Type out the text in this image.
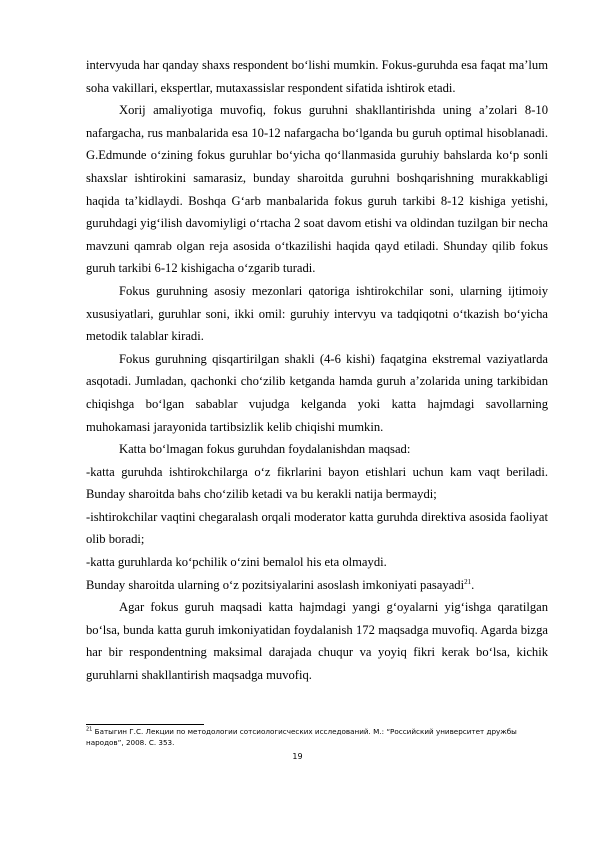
intervyuda har qanday shaxs respondent bo‘lishi mumkin. Fokus-guruhda esa faqat ma’lum soha vakillari, ekspertlar, mutaxassislar respondent sifatida ishtirok etadi.

Xorij amaliyotiga muvofiq, fokus guruhni shakllantirishda uning a’zolari 8-10 nafargacha, rus manbalarida esa 10-12 nafargacha bo‘lganda bu guruh optimal hisoblanadi. G.Edmunde o‘zining fokus guruhlar bo‘yicha qo‘llanmasida guruhiy bahslarda ko‘p sonli shaxslar ishtirokini samarasiz, bunday sharoitda guruhni boshqarishning murakkabligi haqida ta’kidlaydi. Boshqa G‘arb manbalarida fokus guruh tarkibi 8-12 kishiga yetishi, guruhdagi yig‘ilish davomiyligi o‘rtacha 2 soat davom etishi va oldindan tuzilgan bir necha mavzuni qamrab olgan reja asosida o‘tkazilishi haqida qayd etiladi. Shunday qilib fokus guruh tarkibi 6-12 kishigacha o‘zgarib turadi.

Fokus guruhning asosiy mezonlari qatoriga ishtirokchilar soni, ularning ijtimoiy xususiyatlari, guruhlar soni, ikki omil: guruhiy intervyu va tadqiqotni o‘tkazish bo‘yicha metodik talablar kiradi.

Fokus guruhning qisqartirilgan shakli (4-6 kishi) faqatgina ekstremal vaziyatlarda asqotadi. Jumladan, qachonki cho‘zilib ketganda hamda guruh a’zolarida uning tarkibidan chiqishga bo‘lgan sabablar vujudga kelganda yoki katta hajmdagi savollarning muhokamasi jarayonida tartibsizlik kelib chiqishi mumkin.

Katta bo‘lmagan fokus guruhdan foydalanishdan maqsad:

-katta guruhda ishtirokchilarga o‘z fikrlarini bayon etishlari uchun kam vaqt beriladi. Bunday sharoitda bahs cho‘zilib ketadi va bu kerakli natija bermaydi;

-ishtirokchilar vaqtini chegaralash orqali moderator katta guruhda direktiva asosida faoliyat olib boradi;

-katta guruhlarda ko‘pchilik o‘zini bemalol his eta olmaydi.

Bunday sharoitda ularning o‘z pozitsiyalarini asoslash imkoniyati pasayadi$^{21}$.

Agar fokus guruh maqsadi katta hajmdagi yangi g‘oyalarni yig‘ishga qaratilgan bo‘lsa, bunda katta guruh imkoniyatidan foydalanish 172 maqsadga muvofiq. Agarda bizga har bir respondentning maksimal darajada chuqur va yoyiq fikri kerak bo‘lsa, kichik guruhlarni shakllantirish maqsadga muvofiq.

$^{21}$ Батыгин Г.С. Лекции по методологии сотсиологисческих исследований. М.: “Российский университет дружбы народов”, 2008. С. 353.
19
